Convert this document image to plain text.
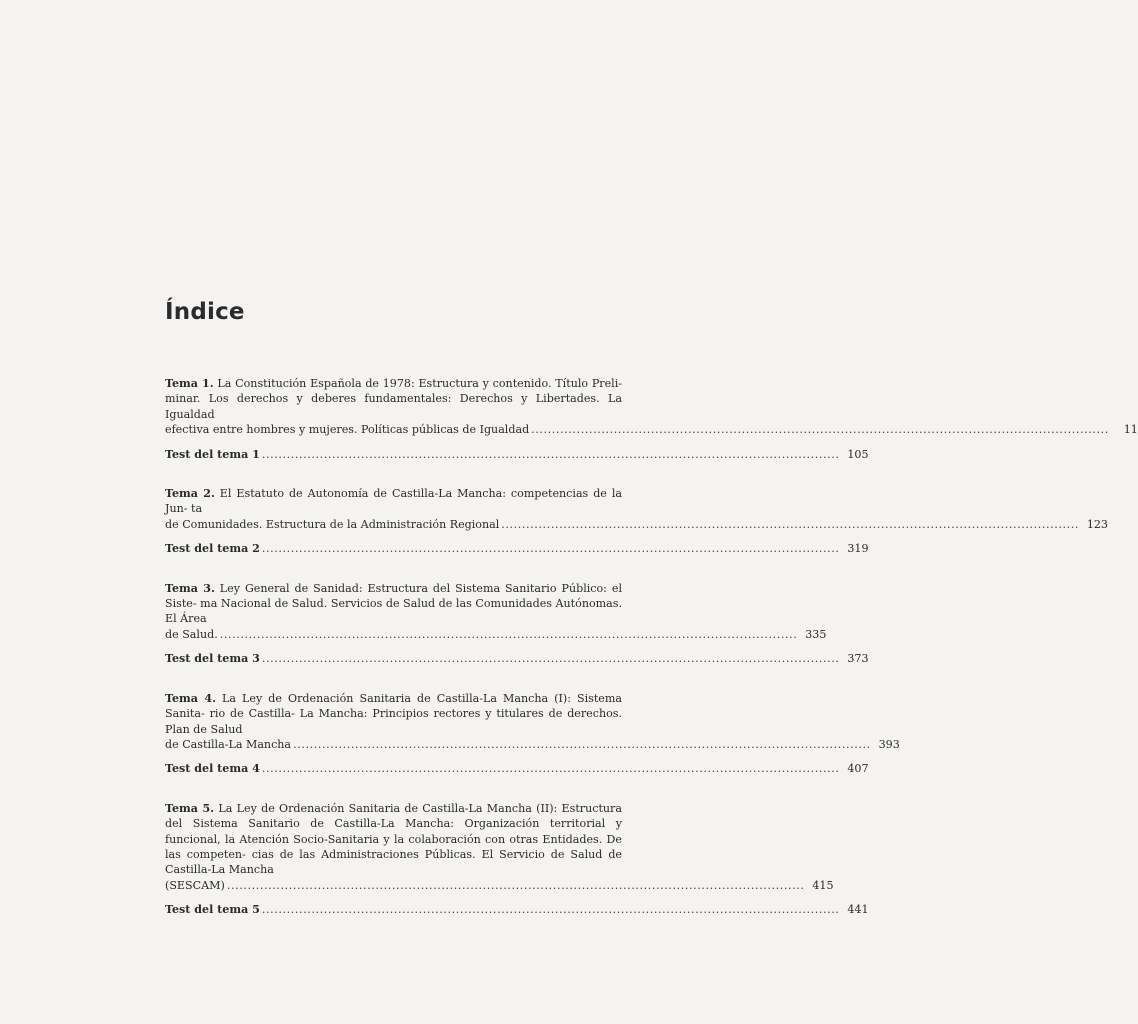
Índice
Tema 1. La Constitución Española de 1978: Estructura y contenido. Título Preli- minar. Los derechos y deberes fundamentales: Derechos y Libertades. La Igualdad
efectiva entre hombres y mujeres. Políticas públicas de Igualdad ............................................................................................................................................	11
Test del tema 1 ............................................................................................................................................ 105
Tema 2. El Estatuto de Autonomía de Castilla-La Mancha: competencias de la Jun- ta
de Comunidades. Estructura de la Administración Regional ............................................................................................................................................ 123
Test del tema 2 ............................................................................................................................................ 319
Tema 3. Ley General de Sanidad: Estructura del Sistema Sanitario Público: el Siste- ma Nacional de Salud. Servicios de Salud de las Comunidades Autónomas. El Área
de Salud. ............................................................................................................................................ 335
Test del tema 3 ............................................................................................................................................ 373
Tema 4. La Ley de Ordenación Sanitaria de Castilla-La Mancha (I): Sistema Sanita- rio de Castilla- La Mancha: Principios rectores y titulares de derechos. Plan de Salud
de Castilla-La Mancha ............................................................................................................................................ 393
Test del tema 4 ............................................................................................................................................ 407
Tema 5. La Ley de Ordenación Sanitaria de Castilla-La Mancha (II): Estructura del Sistema Sanitario de Castilla-La Mancha: Organización territorial y funcional, la Atención Socio-Sanitaria y la colaboración con otras Entidades. De las competen- cias de las Administraciones Públicas. El Servicio de Salud de Castilla-La Mancha
(SESCAM) ............................................................................................................................................ 415
Test del tema 5 ............................................................................................................................................ 441
